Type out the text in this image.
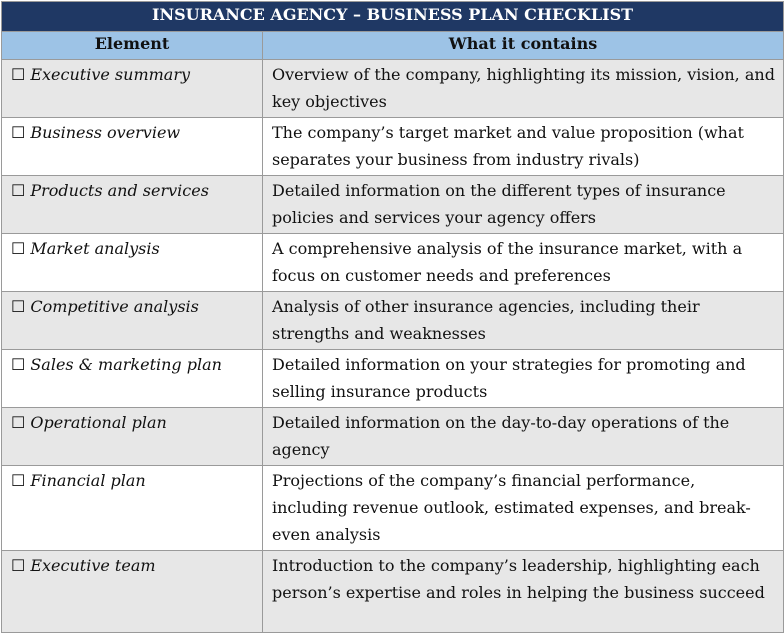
INSURANCE AGENCY – BUSINESS PLAN CHECKLIST	
Element	What it contains
☐ Executive summary	Overview of the company, highlighting its mission, vision, and key objectives
☐ Business overview	The company’s target market and value proposition (what separates your business from industry rivals)
☐ Products and services	Detailed information on the different types of insurance policies and services your agency offers
☐ Market analysis	A comprehensive analysis of the insurance market, with a focus on customer needs and preferences
☐ Competitive analysis	Analysis of other insurance agencies, including their strengths and weaknesses
☐ Sales & marketing plan	Detailed information on your strategies for promoting and selling insurance products
☐ Operational plan	Detailed information on the day-to-day operations of the agency
☐ Financial plan	Projections of the company’s financial performance, including revenue outlook, estimated expenses, and break-even analysis
☐ Executive team	Introduction to the company’s leadership, highlighting each person’s expertise and roles in helping the business succeed
